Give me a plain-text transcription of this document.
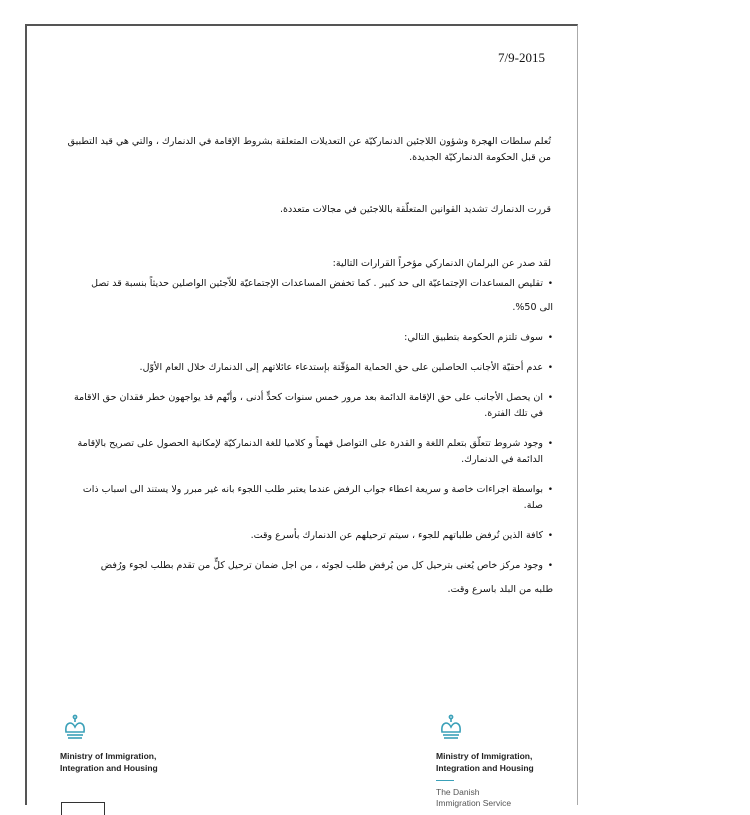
7/9-2015
تُعلم سلطات الهجرة وشؤون اللاجئين الدنماركيّة عن التعديلات المتعلقة بشروط الإقامة في الدنمارك ، والتي هي قيد التطبيق من قبل الحكومة الدنماركيّة الجديدة.
قررت الدنمارك تشديد القوانين المتعلّقة باللاجئين في مجالات متعددة.
لقد صدر عن البرلمان الدنماركي مؤخراً القرارات التالية:
• تقليص المساعدات الإجتماعيّة الى حد كبير . كما تخفض المساعدات الإجتماعيّة للاّجئين الواصلين حديثاً بنسبة قد تصل
الى 50%.
• سوف تلتزم الحكومة بتطبيق التالي:
• عدم أحقيّة الأجانب الحاصلين على حق الحماية المؤقّتة بإستدعاء عائلاتهم إلى الدنمارك خلال العام الأوّل.
• ان يحصل الأجانب على حق الإقامة الدائمة بعد مرور خمس سنوات كحدٍّ أدنى ، وأنّهم قد يواجهون خطر فقدان حق الاقامة في تلك الفترة.
• وجود شروط تتعلّق بتعلم اللغة و القدرة على التواصل فهماً و كلاميا للغة الدنماركيّة لإمكانية الحصول على تصريح بالإقامة الدائمة في الدنمارك.
• بواسطة اجراءات خاصة و سريعة اعطاء جواب الرفض عندما يعتبر طلب اللجوء بانه غير مبرر ولا يستند الى اسباب ذات صلة.
• كافة الذين تُرفض طلباتهم للجوء ، سيتم ترحيلهم عن الدنمارك بأسرع وقت.
• وجود مركز خاص يُعنى بترحيل كل من يُرفض طلب لجوئه ، من اجل ضمان ترحيل كلٍّ من تقدم بطلب لجوء ورُفض
طلبه من البلد باسرع وقت.
Ministry of Immigration,
Integration and Housing
Ministry of Immigration,
Integration and Housing
The Danish
Immigration Service
